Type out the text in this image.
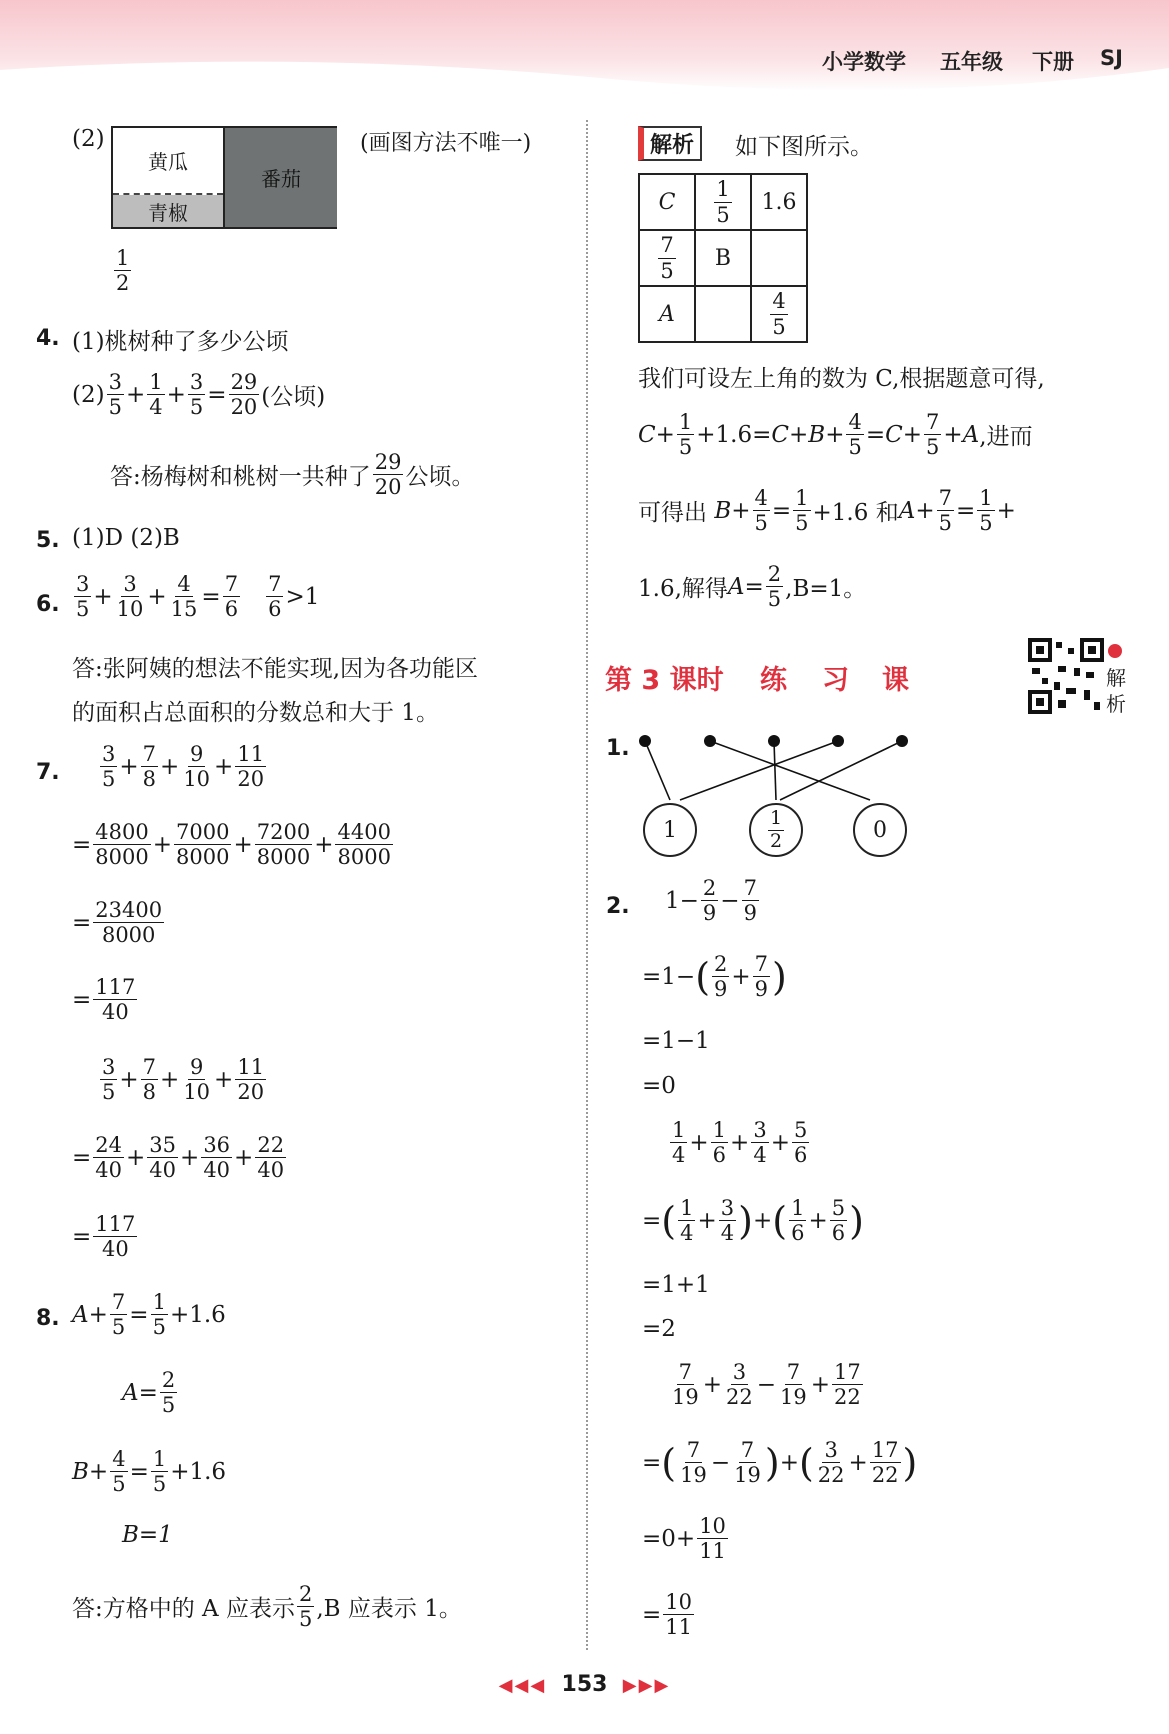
小学数学 五年级 下册 SJ
(2)
黄瓜
青椒
番茄
(画图方法不唯一)
$\frac{1}{2}$
4. (1)桃树种了多少公顷
$(2) \frac{3}{5} + \frac{1}{4} + \frac{3}{5} = \frac{29}{20}$ (公顷)
答:杨梅树和桃树一共种了 $\frac{29}{20}$ 公顷。
5. (1)D (2)B
6. $\frac{3}{5} + \frac{3}{10} + \frac{4}{15} = \frac{7}{6} \frac{7}{6} >1$
答:张阿姨的想法不能实现,因为各功能区
的面积占总面积的分数总和大于 1。
7. $\frac{3}{5} + \frac{7}{8} + \frac{9}{10} + \frac{11}{20}$
= $\frac{4800}{8000} + \frac{7000}{8000} + \frac{7200}{8000} + \frac{4400}{8000}$
= $\frac{23400}{8000}$
= $\frac{117}{40}$
$\frac{3}{5} + \frac{7}{8} + \frac{9}{10} + \frac{11}{20}$
= $\frac{24}{40} + \frac{35}{40} + \frac{36}{40} + \frac{22}{40}$
= $\frac{117}{40}$
8. $A + \frac{7}{5} = \frac{1}{5} +1.6$
$A = \frac{2}{5}$
$B + \frac{4}{5} = \frac{1}{5} +1.6$
B=1
答:方格中的 A 应表示 $\frac{2}{5} ,B$ 应表示 1。
解析	如下图所示。
C	$\frac{1}{5}$	1.6

$\frac{7}{5}$	B	
A		$\frac{4}{5}$
我们可设左上角的数为 C,根据题意可得,
$C + \frac{1}{5} +1.6= C + B + \frac{4}{5} = C + \frac{7}{5} + A$ ,进而
可得出
$B + \frac{4}{5} = \frac{1}{5} +1.6$ 和 $A + \frac{7}{5} = \frac{1}{5}$ +
1.6,解得 $A = \frac{2}{5} ,B=1$。
第 3 课时 练 习 课	解
析
1.
1	$\frac{1}{2}$	0
2. $1- \frac{2}{9} - \frac{7}{9}$
=1− ( $\frac{2}{9} + \frac{7}{9}$ )
=1−1
=0
$\frac{1}{4} + \frac{1}{6} + \frac{3}{4} + \frac{5}{6}$
= ( $\frac{1}{4} + \frac{3}{4}$ ) + ( $\frac{1}{6} + \frac{5}{6}$ )
=1+1
=2
$\frac{7}{19} + \frac{3}{22} - \frac{7}{19} + \frac{17}{22}$
= ( $\frac{7}{19} - \frac{7}{19}$ ) + ( $\frac{3}{22} + \frac{17}{22}$ )
$=0+ \frac{10}{11}$
= $\frac{10}{11}$
◀◀◀ 153 ▶▶▶
